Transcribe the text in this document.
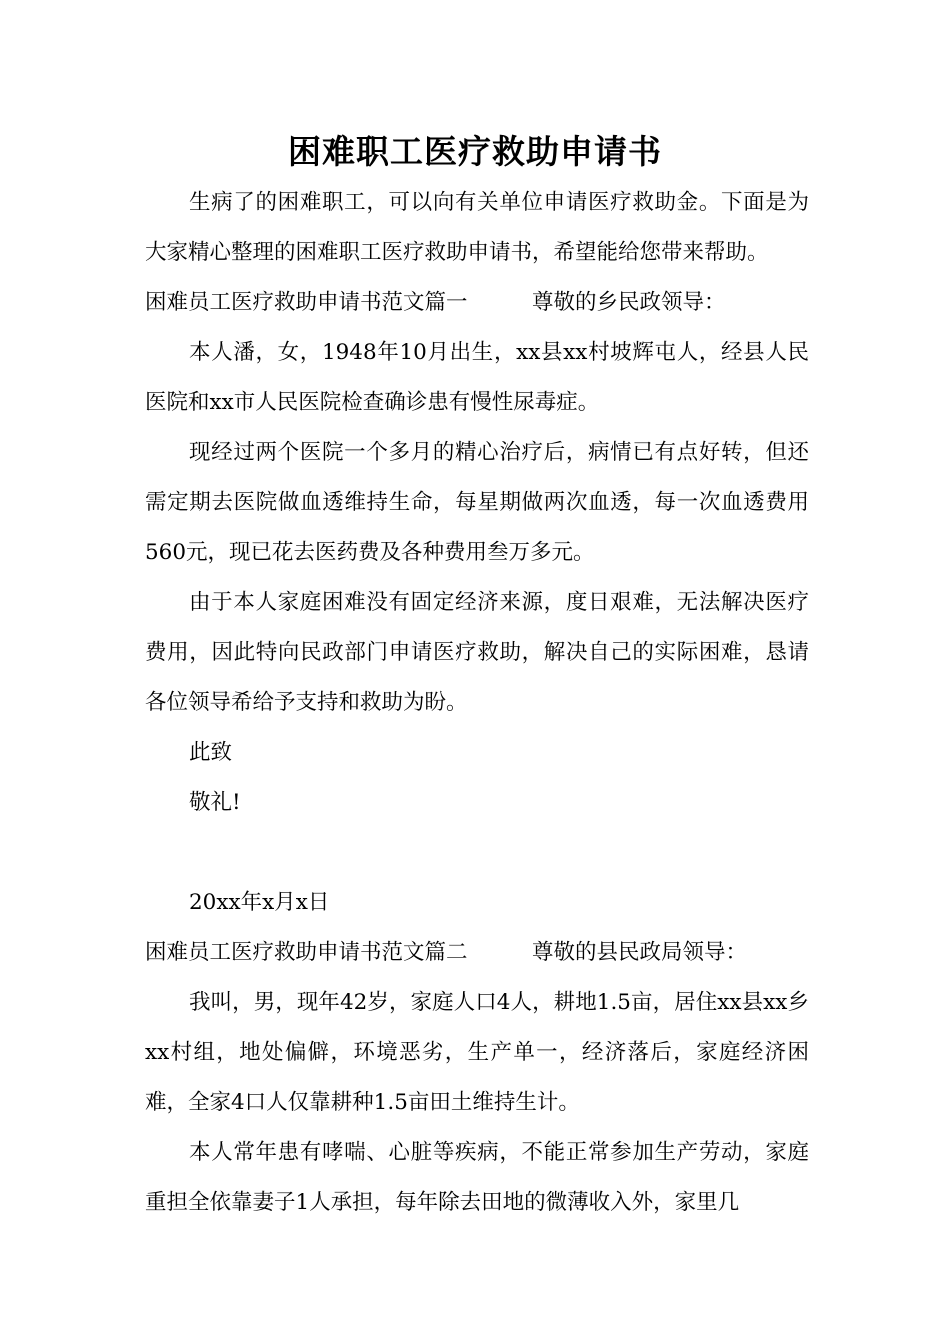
困难职工医疗救助申请书

生病了的困难职工，可以向有关单位申请医疗救助金。下面是为大家精心整理的困难职工医疗救助申请书，希望能给您带来帮助。

困难员工医疗救助申请书范文篇一　　　尊敬的乡民政领导：

本人潘，女，1948年10月出生，xx县xx村坡辉屯人，经县人民医院和xx市人民医院检查确诊患有慢性尿毒症。

现经过两个医院一个多月的精心治疗后，病情已有点好转，但还需定期去医院做血透维持生命，每星期做两次血透，每一次血透费用560元，现已花去医药费及各种费用叁万多元。

由于本人家庭困难没有固定经济来源，度日艰难，无法解决医疗费用，因此特向民政部门申请医疗救助，解决自己的实际困难，恳请各位领导希给予支持和救助为盼。

此致

敬礼!

20xx年x月x日

困难员工医疗救助申请书范文篇二　　　尊敬的县民政局领导：

我叫，男，现年42岁，家庭人口4人，耕地1.5亩，居住xx县xx乡xx村组，地处偏僻，环境恶劣，生产单一，经济落后，家庭经济困难，全家4口人仅靠耕种1.5亩田土维持生计。

本人常年患有哮喘、心脏等疾病，不能正常参加生产劳动，家庭重担全依靠妻子1人承担，每年除去田地的微薄收入外，家里几
